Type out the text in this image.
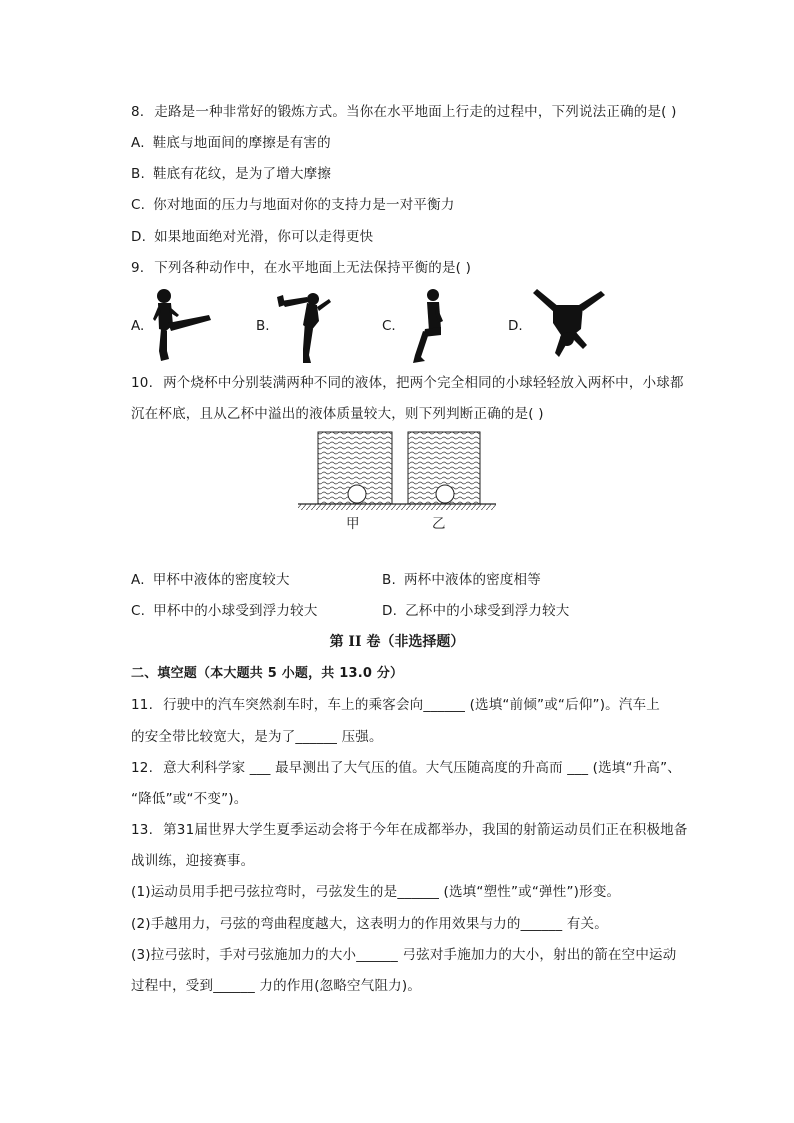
8. 走路是一种非常好的锻炼方式。当你在水平地面上行走的过程中，下列说法正确的是( )
A. 鞋底与地面间的摩擦是有害的
B. 鞋底有花纹，是为了增大摩擦
C. 你对地面的压力与地面对你的支持力是一对平衡力
D. 如果地面绝对光滑，你可以走得更快
9. 下列各种动作中，在水平地面上无法保持平衡的是( )
A.	B.	C.	D.
10. 两个烧杯中分别装满两种不同的液体，把两个完全相同的小球轻轻放入两杯中，小球都
沉在杯底，且从乙杯中溢出的液体质量较大，则下列判断正确的是( )
甲	乙
A. 甲杯中液体的密度较大	B. 两杯中液体的密度相等
C. 甲杯中的小球受到浮力较大	D. 乙杯中的小球受到浮力较大
第 II 卷（非选择题）
二、填空题（本大题共 5 小题，共 13.0 分）
11. 行驶中的汽车突然刹车时，车上的乘客会向______ (选填“前倾”或“后仰”)。汽车上
的安全带比较宽大，是为了______ 压强。
12. 意大利科学家 ___ 最早测出了大气压的值。大气压随高度的升高而 ___ (选填“升高”、
“降低”或“不变”)。
13. 第31届世界大学生夏季运动会将于今年在成都举办，我国的射箭运动员们正在积极地备
战训练，迎接赛事。
(1)运动员用手把弓弦拉弯时，弓弦发生的是______ (选填“塑性”或“弹性”)形变。
(2)手越用力，弓弦的弯曲程度越大，这表明力的作用效果与力的______ 有关。
(3)拉弓弦时，手对弓弦施加力的大小______ 弓弦对手施加力的大小，射出的箭在空中运动
过程中，受到______ 力的作用(忽略空气阻力)。
